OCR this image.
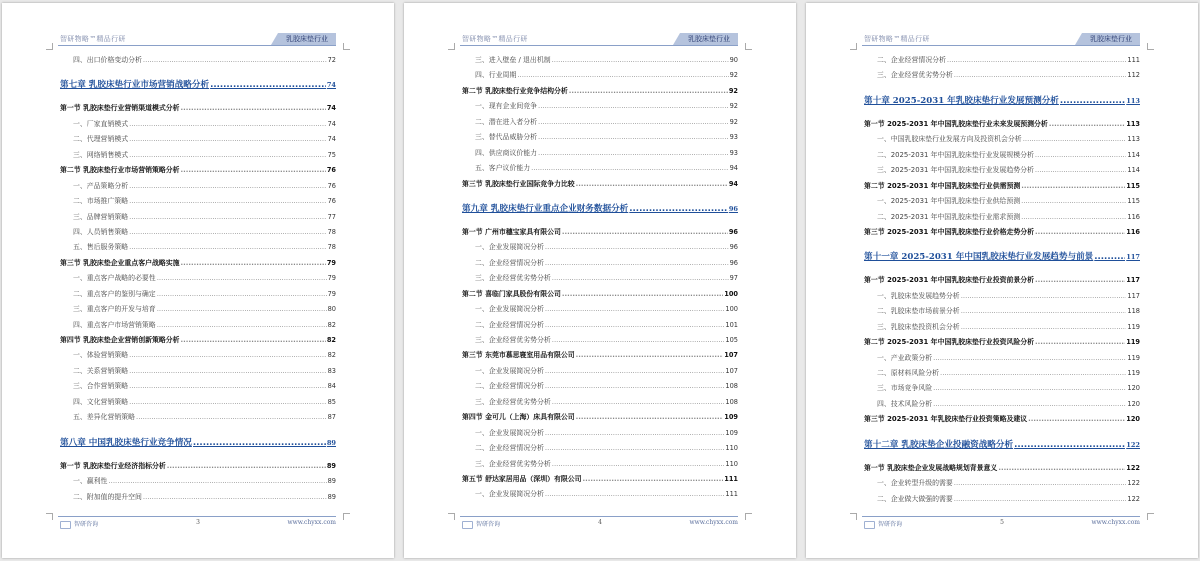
智研物略™精品行研	乳胶床垫行业
四、出口价格变动分析 .....	72
第七章 乳胶床垫行业市场营销战略分析 .....	74
第一节 乳胶床垫行业营销渠道模式分析 .....	74
一、厂家直销模式 .....	74
二、代理营销模式 .....	74
三、网络销售模式 .....	75
第二节 乳胶床垫行业市场营销策略分析 .....	76
一、产品策略分析 .....	76
二、市场推广策略 .....	76
三、品牌营销策略 .....	77
四、人员销售策略 .....	78
五、售后服务策略 .....	78
第三节 乳胶床垫企业重点客户战略实施 .....	79
一、重点客户战略的必要性 .....	79
二、重点客户的鉴别与确定 .....	79
三、重点客户的开发与培育 .....	80
四、重点客户市场营销策略 .....	82
第四节 乳胶床垫企业营销创新策略分析 .....	82
一、体验营销策略 .....	82
二、关系营销策略 .....	83
三、合作营销策略 .....	84
四、文化营销策略 .....	85
五、差异化营销策略 .....	87
第八章 中国乳胶床垫行业竞争情况 .....	89
第一节 乳胶床垫行业经济指标分析 .....	89
一、赢利性 .....	89
二、附加值的提升空间 .....	89
智研咨询	3	www.chyxx.com
智研物略™精品行研	乳胶床垫行业
三、进入壁垒 / 退出机制 .....	90
四、行业周期 .....	92
第二节 乳胶床垫行业竞争结构分析 .....	92
一、现有企业间竞争 .....	92
二、潜在进入者分析 .....	92
三、替代品威胁分析 .....	93
四、供应商议价能力 .....	93
五、客户议价能力 .....	94
第三节 乳胶床垫行业国际竞争力比较 .....	94
第九章 乳胶床垫行业重点企业财务数据分析 .....	96
第一节 广州市穗宝家具有限公司 .....	96
一、企业发展简况分析 .....	96
二、企业经营情况分析 .....	96
三、企业经营优劣势分析 .....	97
第二节 喜临门家具股份有限公司 .....	100
一、企业发展简况分析 .....	100
二、企业经营情况分析 .....	101
三、企业经营优劣势分析 .....	105
第三节 东莞市慕思寝室用品有限公司 .....	107
一、企业发展简况分析 .....	107
二、企业经营情况分析 .....	108
三、企业经营优劣势分析 .....	108
第四节 金可儿（上海）床具有限公司 .....	109
一、企业发展简况分析 .....	109
二、企业经营情况分析 .....	110
三、企业经营优劣势分析 .....	110
第五节 舒达家居用品（深圳）有限公司 .....	111
一、企业发展简况分析 .....	111
智研咨询	4	www.chyxx.com
智研物略™精品行研	乳胶床垫行业
二、企业经营情况分析 .....	111
三、企业经营优劣势分析 .....	112
第十章 2025-2031 年乳胶床垫行业发展预测分析 .....	113
第一节 2025-2031 年中国乳胶床垫行业未来发展预测分析 .....	113
一、中国乳胶床垫行业发展方向及投资机会分析 .....	113
二、2025-2031 年中国乳胶床垫行业发展规模分析 .....	114
三、2025-2031 年中国乳胶床垫行业发展趋势分析 .....	114
第二节 2025-2031 年中国乳胶床垫行业供需预测 .....	115
一、2025-2031 年中国乳胶床垫行业供给预测 .....	115
二、2025-2031 年中国乳胶床垫行业需求预测 .....	116
第三节 2025-2031 年中国乳胶床垫行业价格走势分析 .....	116
第十一章 2025-2031 年中国乳胶床垫行业发展趋势与前景 .....	117
第一节 2025-2031 年中国乳胶床垫行业投资前景分析 .....	117
一、乳胶床垫发展趋势分析 .....	117
二、乳胶床垫市场前景分析 .....	118
三、乳胶床垫投资机会分析 .....	119
第二节 2025-2031 年中国乳胶床垫行业投资风险分析 .....	119
一、产业政策分析 .....	119
二、原材料风险分析 .....	119
三、市场竞争风险 .....	120
四、技术风险分析 .....	120
第三节 2025-2031 年乳胶床垫行业投资策略及建议 .....	120
第十二章 乳胶床垫企业投融资战略分析 .....	122
第一节 乳胶床垫企业发展战略规划背景意义 .....	122
一、企业转型升级的需要 .....	122
二、企业做大做强的需要 .....	122
智研咨询	5	www.chyxx.com
